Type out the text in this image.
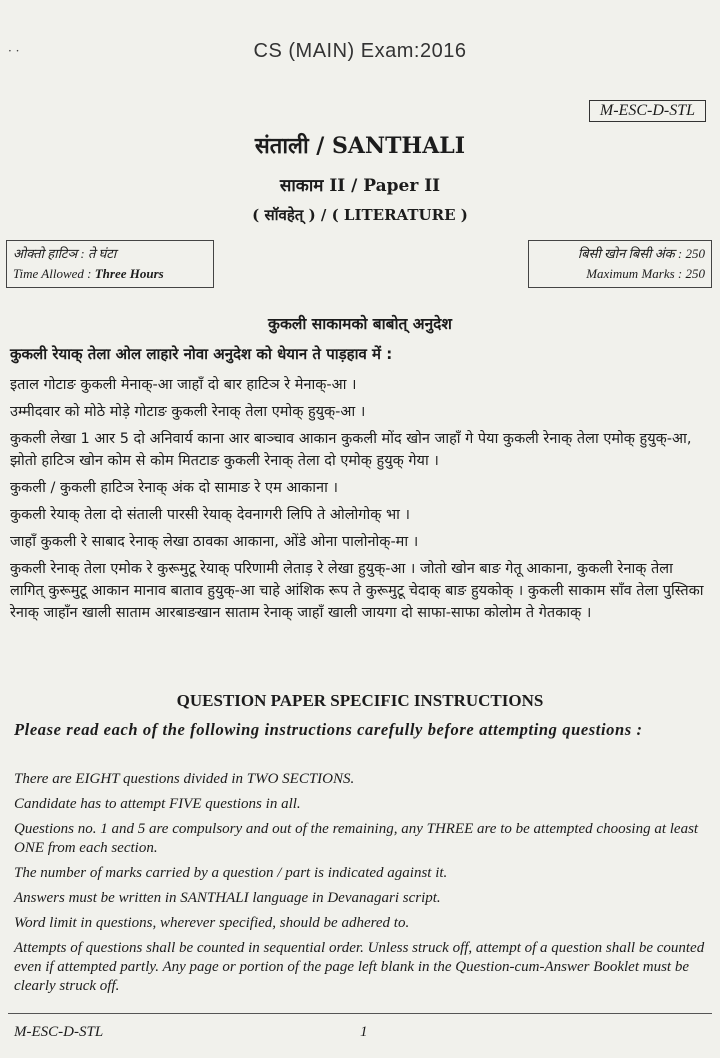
· ·	CS (MAIN) Exam:2016
M-ESC-D-STL
संताली / SANTHALI
साकाम II / Paper II
( सॉवहेत् ) / ( LITERATURE )
ओक्तो हाटिञ : ते घंटा
Time Allowed : Three Hours
बिसी खोन बिसी अंक : 250
Maximum Marks : 250
कुकली साकामको बाबोत् अनुदेश
कुकली रेयाक् तेला ओल लाहारे नोवा अनुदेश को धेयान ते पाड़हाव में :

इताल गोटाङ कुकली मेनाक्-आ जाहाँ दो बार हाटिञ रे मेनाक्-आ ।

उम्मीदवार को मोठे मोड़े गोटाङ कुकली रेनाक् तेला एमोक् हुयुक्-आ ।

कुकली लेखा 1 आर 5 दो अनिवार्य काना आर बाञ्चाव आकान कुकली मोंद खोन जाहाँ गे पेया कुकली रेनाक् तेला एमोक् हुयुक्-आ, झोतो हाटिञ खोन कोम से कोम मितटाङ कुकली रेनाक् तेला दो एमोक् हुयुक् गेया ।

कुकली / कुकली हाटिञ रेनाक् अंक दो सामाङ रे एम आकाना ।

कुकली रेयाक् तेला दो संताली पारसी रेयाक् देवनागरी लिपि ते ओलोगोक् भा ।

जाहाँ कुकली रे साबाद रेनाक् लेखा ठावका आकाना, ओंडे ओना पालोनोक्-मा ।

कुकली रेनाक् तेला एमोक रे कुरूमुटू रेयाक् परिणामी लेताड़ रे लेखा हुयुक्-आ । जोतो खोन बाङ गेतू आकाना, कुकली रेनाक् तेला लागित् कुरूमुटू आकान मानाव बाताव हुयुक्-आ चाहे आंशिक रूप ते कुरूमुटू चेदाक् बाङ हुयकोक् । कुकली साकाम साँव तेला पुस्तिका रेनाक् जाहाँन खाली साताम आरबाङखान साताम रेनाक् जाहाँ खाली जायगा दो साफा-साफा कोलोम ते गेतकाक् ।

QUESTION PAPER SPECIFIC INSTRUCTIONS
Please read each of the following instructions carefully before attempting questions :

There are EIGHT questions divided in TWO SECTIONS.

Candidate has to attempt FIVE questions in all.

Questions no. 1 and 5 are compulsory and out of the remaining, any THREE are to be attempted choosing at least ONE from each section.

The number of marks carried by a question / part is indicated against it.

Answers must be written in SANTHALI language in Devanagari script.

Word limit in questions, wherever specified, should be adhered to.

Attempts of questions shall be counted in sequential order. Unless struck off, attempt of a question shall be counted even if attempted partly. Any page or portion of the page left blank in the Question-cum-Answer Booklet must be clearly struck off.

M-ESC-D-STL	1
